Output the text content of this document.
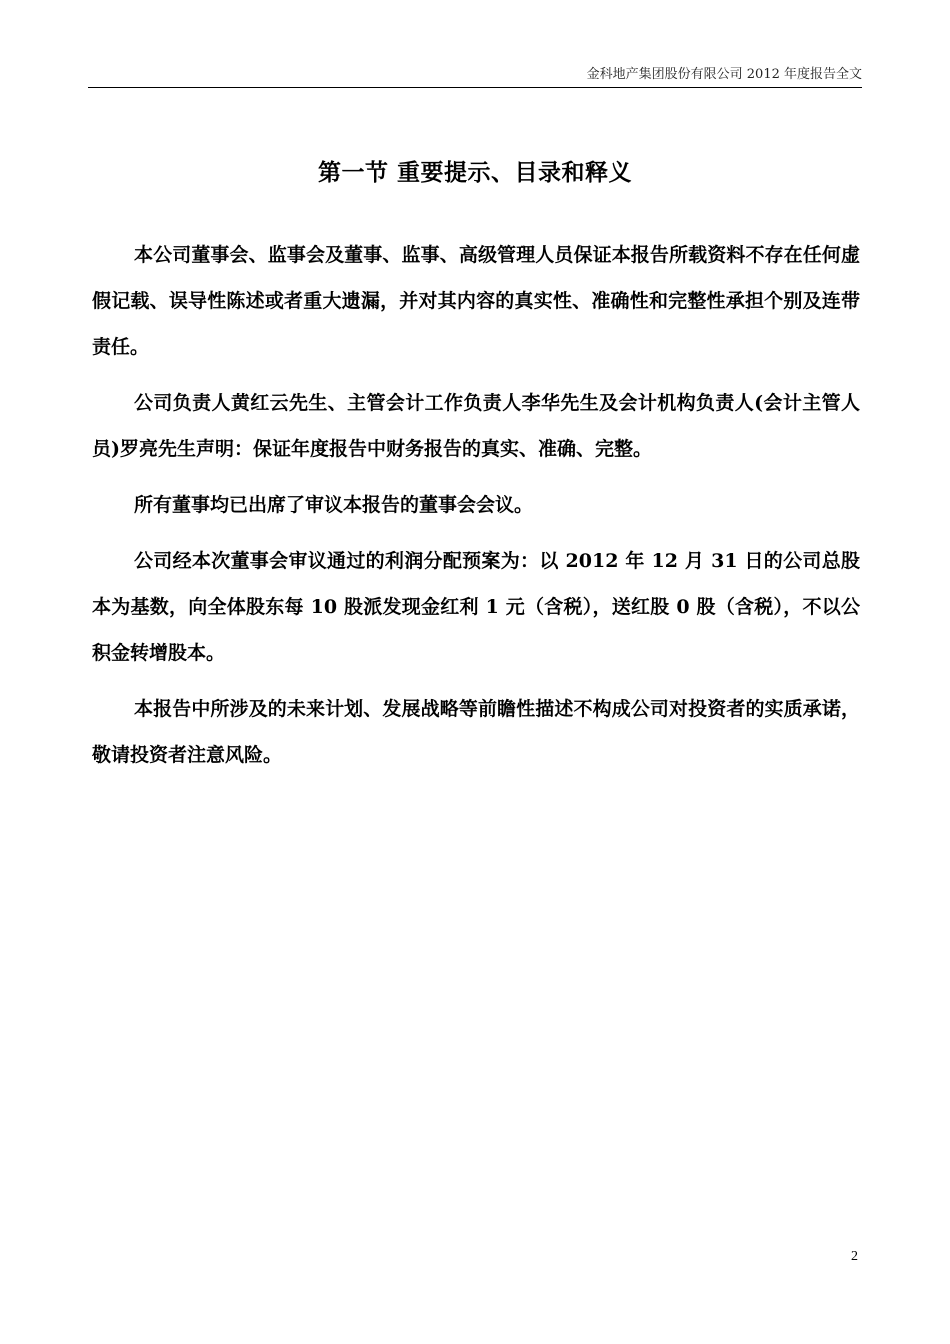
金科地产集团股份有限公司 2012 年度报告全文
第一节 重要提示、目录和释义

本公司董事会、监事会及董事、监事、高级管理人员保证本报告所载资料不存在任何虚假记载、误导性陈述或者重大遗漏，并对其内容的真实性、准确性和完整性承担个别及连带责任。

公司负责人黄红云先生、主管会计工作负责人李华先生及会计机构负责人(会计主管人员)罗亮先生声明：保证年度报告中财务报告的真实、准确、完整。

所有董事均已出席了审议本报告的董事会会议。

公司经本次董事会审议通过的利润分配预案为：以 2012 年 12 月 31 日的公司总股本为基数，向全体股东每 10 股派发现金红利 1 元（含税），送红股 0 股（含税），不以公积金转增股本。

本报告中所涉及的未来计划、发展战略等前瞻性描述不构成公司对投资者的实质承诺，敬请投资者注意风险。

2
